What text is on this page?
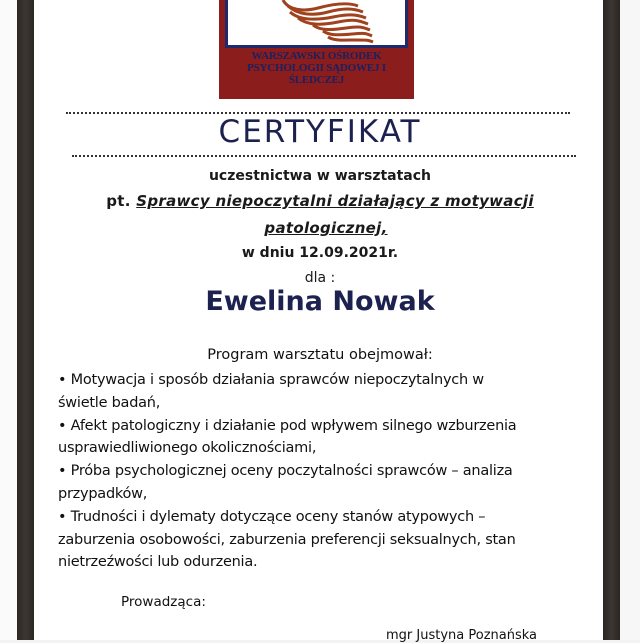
WARSZAWSKI OŚRODEK
PSYCHOLOGII SĄDOWEJ I
ŚLEDCZEJ
CERTYFIKAT
uczestnictwa w warsztatach
pt. Sprawcy niepoczytalni działający z motywacji
patologicznej,
w dniu 12.09.2021r.
dla :
Ewelina Nowak
Program warsztatu obejmował:
• Motywacja i sposób działania sprawców niepoczytalnych w
świetle badań,
• Afekt patologiczny i działanie pod wpływem silnego wzburzenia
usprawiedliwionego okolicznościami,
• Próba psychologicznej oceny poczytalności sprawców – analiza
przypadków,
• Trudności i dylematy dotyczące oceny stanów atypowych –
zaburzenia osobowości, zaburzenia preferencji seksualnych, stan
nietrzeźwości lub odurzenia.
Prowadząca:
mgr Justyna Poznańska
